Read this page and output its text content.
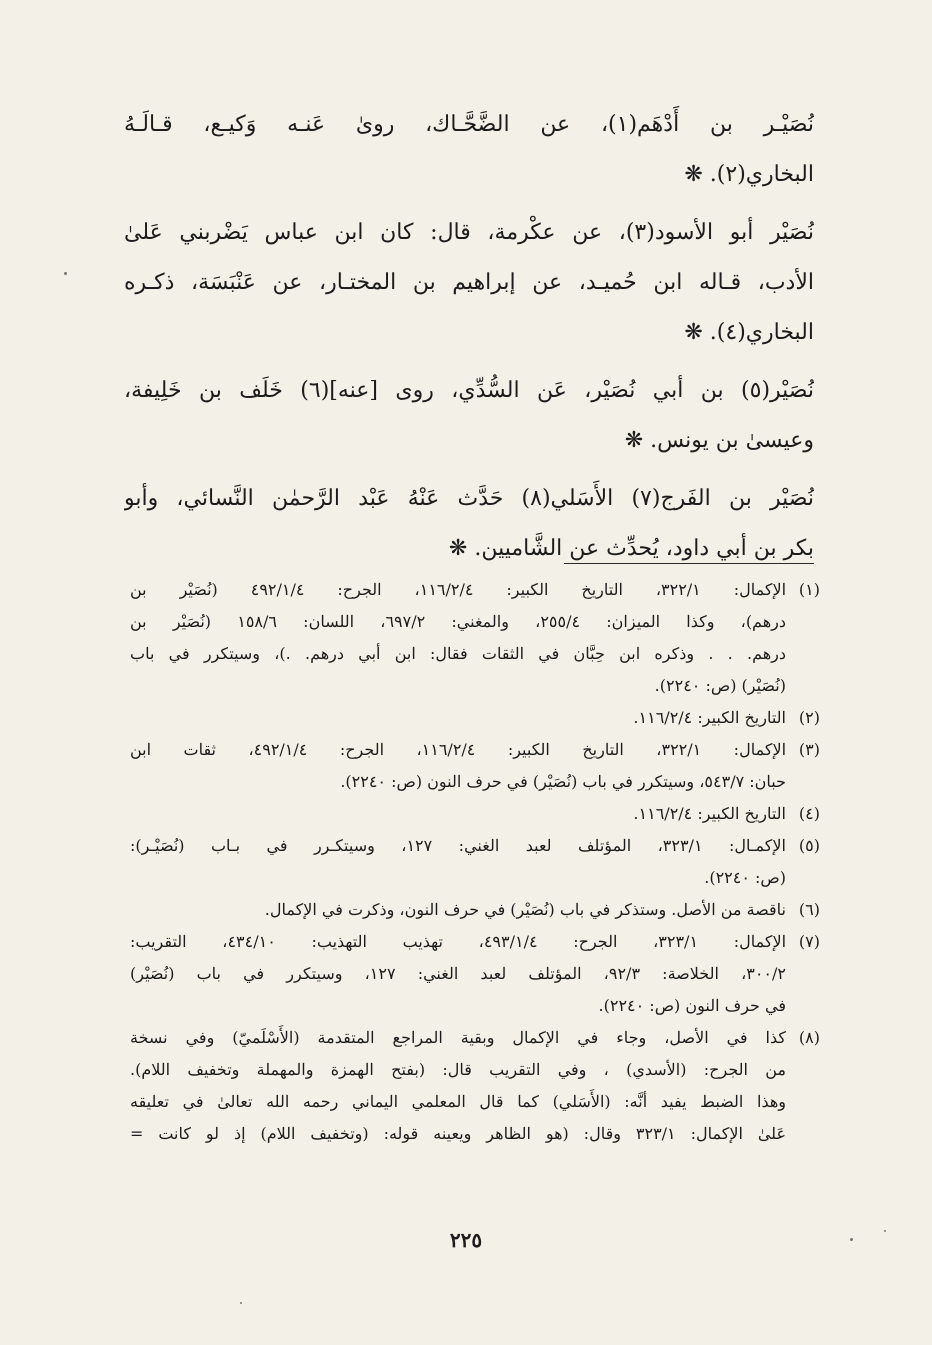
نُصَيْـر بن أَدْهَم(١)، عن الضَّحَّـاك، روىٰ عَنـه وَكيـع، قـالَـهُ
البخاري(٢). ❋
نُصَيْر أبو الأسود(٣)، عن عكْرمة، قال: كان ابن عباس يَضْربني عَلىٰ
الأدب، قـاله ابن حُميـد، عن إبراهيم بن المختـار، عن عَنْبَسَة، ذكـره
البخاري(٤). ❋
نُصَيْر(٥) بن أبي نُصَيْر، عَن السُّدِّي، روى [عنه](٦) خَلَف بن خَلِيفة،
وعيسىٰ بن يونس. ❋
نُصَيْر بن الفَرج(٧) الأَسَلي(٨) حَدَّث عَنْهُ عَبْد الرَّحمٰن النَّسائي، وأبو
بكر بن أبي داود، يُحدِّث عن الشَّاميين. ❋
(١)
الإكمال: ٣٢٢/١، التاريخ الكبير: ١١٦/٢/٤، الجرح: ٤٩٢/١/٤ (نُصَيْر بن
درهم)، وكذا الميزان: ٢٥٥/٤، والمغني: ٦٩٧/٢، اللسان: ١٥٨/٦ (نُصَيْر بن
درهم. . . وذكره ابن حِبَّان في الثقات فقال: ابن أبي درهم. .)، وسيتكرر في باب
(نُصَيْر) (ص: ٢٢٤٠).
(٢)
التاريخ الكبير: ١١٦/٢/٤.
(٣)
الإكمال: ٣٢٢/١، التاريخ الكبير: ١١٦/٢/٤، الجرح: ٤٩٢/١/٤، ثقات ابن
حبان: ٥٤٣/٧، وسيتكرر في باب (نُصَيْر) في حرف النون (ص: ٢٢٤٠).
(٤)
التاريخ الكبير: ١١٦/٢/٤.
(٥)
الإكمـال: ٣٢٣/١، المؤتلف لعبد الغني: ١٢٧، وسيتكـرر في بـاب (نُصَيْـر):
(ص: ٢٢٤٠).
(٦)
ناقصة من الأصل. وستذكر في باب (نُصَيْر) في حرف النون، وذكرت في الإكمال.
(٧)
الإكمال: ٣٢٣/١، الجرح: ٤٩٣/١/٤، تهذيب التهذيب: ٤٣٤/١٠، التقريب:
٣٠٠/٢، الخلاصة: ٩٢/٣، المؤتلف لعبد الغني: ١٢٧، وسيتكرر في باب (نُصَيْر)
في حرف النون (ص: ٢٢٤٠).
(٨)
كذا في الأصل، وجاء في الإكمال وبقية المراجع المتقدمة (الأَسْلَميّ) وفي نسخة
من الجرح: (الأسدي) ، وفي التقريب قال: (بفتح الهمزة والمهملة وتخفيف اللام).
وهذا الضبط يفيد أنَّه: (الأَسَلي) كما قال المعلمي اليماني رحمه الله تعالىٰ في تعليقه
عَلىٰ الإكمال: ٣٢٣/١ وقال: (هو الظاهر ويعينه قوله: (وتخفيف اللام) إذ لو كانت =
٢٢٥
